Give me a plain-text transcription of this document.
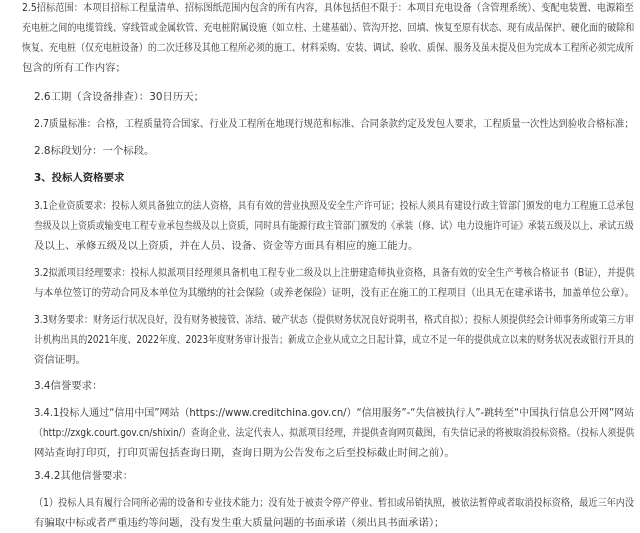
2.5招标范围：本项目招标工程量清单、招标图纸范围内包含的所有内容，具体包括但不限于：本项目充电设备（含管理系统）、变配电装置、电源箱至
充电桩之间的电缆管线、穿线管或金属软管、充电桩附属设施（如立柱、土建基础）、管沟开挖、回填、恢复至原有状态、现有成品保护、硬化面的破除和
恢复、充电桩（仅充电桩设备）的二次迁移及其他工程所必须的施工、材料采购、安装、调试、验收、质保、服务及虽未提及但为完成本工程所必须完成所
包含的所有工作内容；
2.6工期（含设备排查）：30日历天；
2.7质量标准：合格，工程质量符合国家、行业及工程所在地现行规范和标准、合同条款约定及发包人要求，工程质量一次性达到验收合格标准；
2.8标段划分：一个标段。
3、投标人资格要求
3.1企业资质要求：投标人须具备独立的法人资格，具有有效的营业执照及安全生产许可证；投标人须具有建设行政主管部门颁发的电力工程施工总承包
叁级及以上资质或输变电工程专业承包叁级及以上资质，同时具有能源行政主管部门颁发的《承装（修、试）电力设施许可证》承装五级及以上、承试五级
及以上、承修五级及以上资质，并在人员、设备、资金等方面具有相应的施工能力。
3.2拟派项目经理要求：投标人拟派项目经理须具备机电工程专业二级及以上注册建造师执业资格，具备有效的安全生产考核合格证书（B证），并提供
与本单位签订的劳动合同及本单位为其缴纳的社会保险（或养老保险）证明，没有正在施工的工程项目（出具无在建承诺书，加盖单位公章）。
3.3财务要求：财务运行状况良好，没有财务被接管、冻结、破产状态（提供财务状况良好说明书，格式自拟）；投标人须提供经会计师事务所或第三方审
计机构出具的2021年度、2022年度、2023年度财务审计报告；新成立企业从成立之日起计算，成立不足一年的提供成立以来的财务状况表或银行开具的
资信证明。
3.4信誉要求：
3.4.1投标人通过“信用中国”网站（https://www.creditchina.gov.cn/）“信用服务”-“失信被执行人”-跳转至“中国执行信息公开网”网站
（http://zxgk.court.gov.cn/shixin/）查询企业、法定代表人、拟派项目经理，并提供查询网页截图，有失信记录的将被取消投标资格。（投标人须提供
网站查询打印页，打印页需包括查询日期，查询日期为公告发布之后至投标截止时间之前）。
3.4.2其他信誉要求：
（1）投标人具有履行合同所必需的设备和专业技术能力；没有处于被责令停产停业、暂扣或吊销执照，被依法暂停或者取消投标资格，最近三年内没
有骗取中标或者严重违约等问题，没有发生重大质量问题的书面承诺（须出具书面承诺）；
